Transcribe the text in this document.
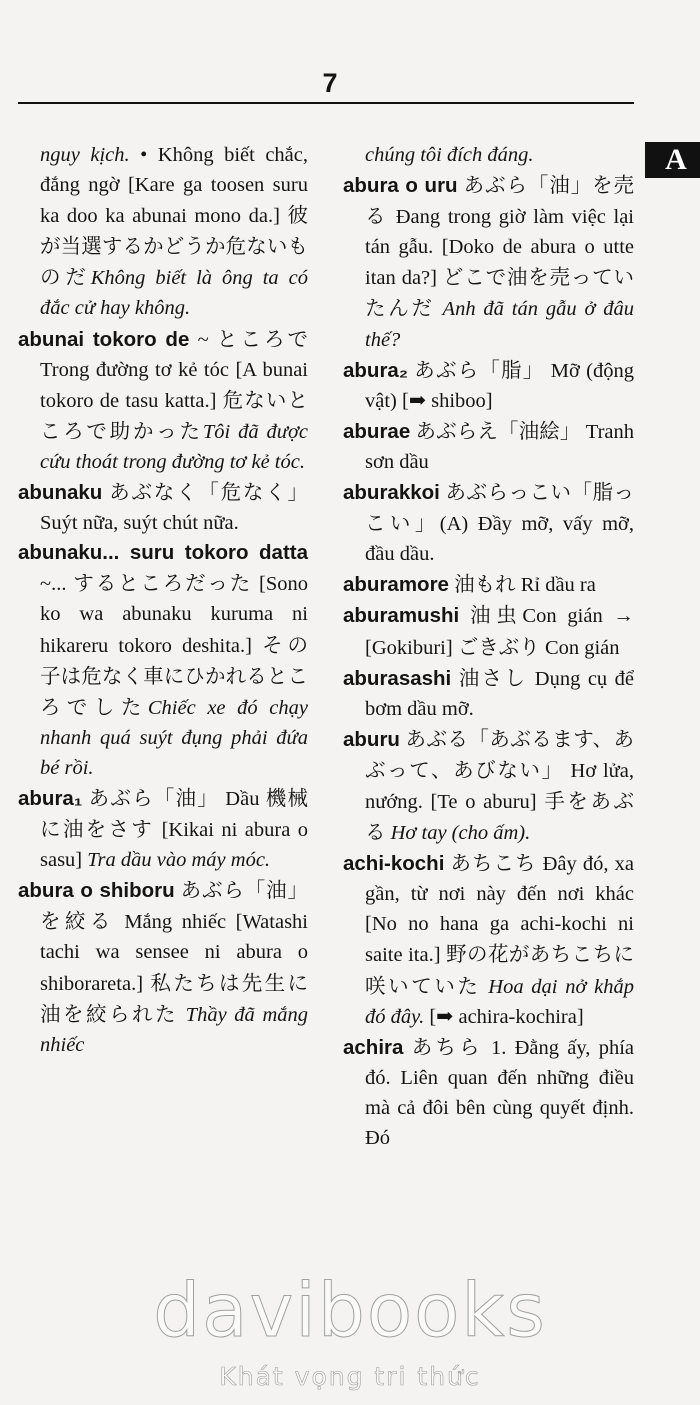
7
A

nguy kịch. • Không biết chắc, đắng ngờ [Kare ga toosen suru ka doo ka abunai mono da.] 彼が当選するかどうか危ないものだKhông biết là ông ta có đắc cử hay không.

abunai tokoro de ~ ところで Trong đường tơ kẻ tóc [A bunai tokoro de tasu katta.] 危ないところで助かったTôi đã được cứu thoát trong đường tơ kẻ tóc.

abunaku あぶなく「危なく」 Suýt nữa, suýt chút nữa.

abunaku... suru tokoro datta ~... するところだった [Sono ko wa abunaku kuruma ni hikareru tokoro deshita.] その子は危なく車にひかれるところでしたChiếc xe đó chạy nhanh quá suýt đụng phải đứa bé rồi.

abura₁ あぶら「油」 Dầu 機械に油をさす [Kikai ni abura o sasu] Tra dầu vào máy móc.

abura o shiboru あぶら「油」を絞る Mắng nhiếc [Watashi tachi wa sensee ni abura o shiboraretа.] 私たちは先生に油を絞られた Thầy đã mắng nhiếc

chúng tôi đích đáng.

abura o uru あぶら「油」を売る Đang trong giờ làm việc lại tán gẫu. [Doko de abura o utte itan da?] どこで油を売っていたんだ Anh đã tán gẫu ở đâu thế?

abura₂ あぶら「脂」 Mỡ (động vật) [➡ shiboo]

aburae あぶらえ「油絵」 Tranh sơn dầu

aburakkoi あぶらっこい「脂っこい」(A) Đầy mỡ, vấy mỡ, đầu dầu.

aburamore 油もれ Rỉ dầu ra

aburamushi 油虫Con gián → [Gokiburi] ごきぶり Con gián

aburasashi 油さし Dụng cụ để bơm dầu mỡ.

aburu あぶる「あぶるます、あぶって、あびない」 Hơ lửa, nướng. [Te o aburu] 手をあぶる Hơ tay (cho ấm).

achi-kochi あちこち Đây đó, xa gần, từ nơi này đến nơi khác [No no hana ga achi-kochi ni saite ita.] 野の花があちこちに咲いていた Hoa dại nở khắp đó đây. [➡ achira-kochira]

achira あちら 1. Đằng ấy, phía đó. Liên quan đến những điều mà cả đôi bên cùng quyết định. Đó

davibooks
Khát vọng tri thức
